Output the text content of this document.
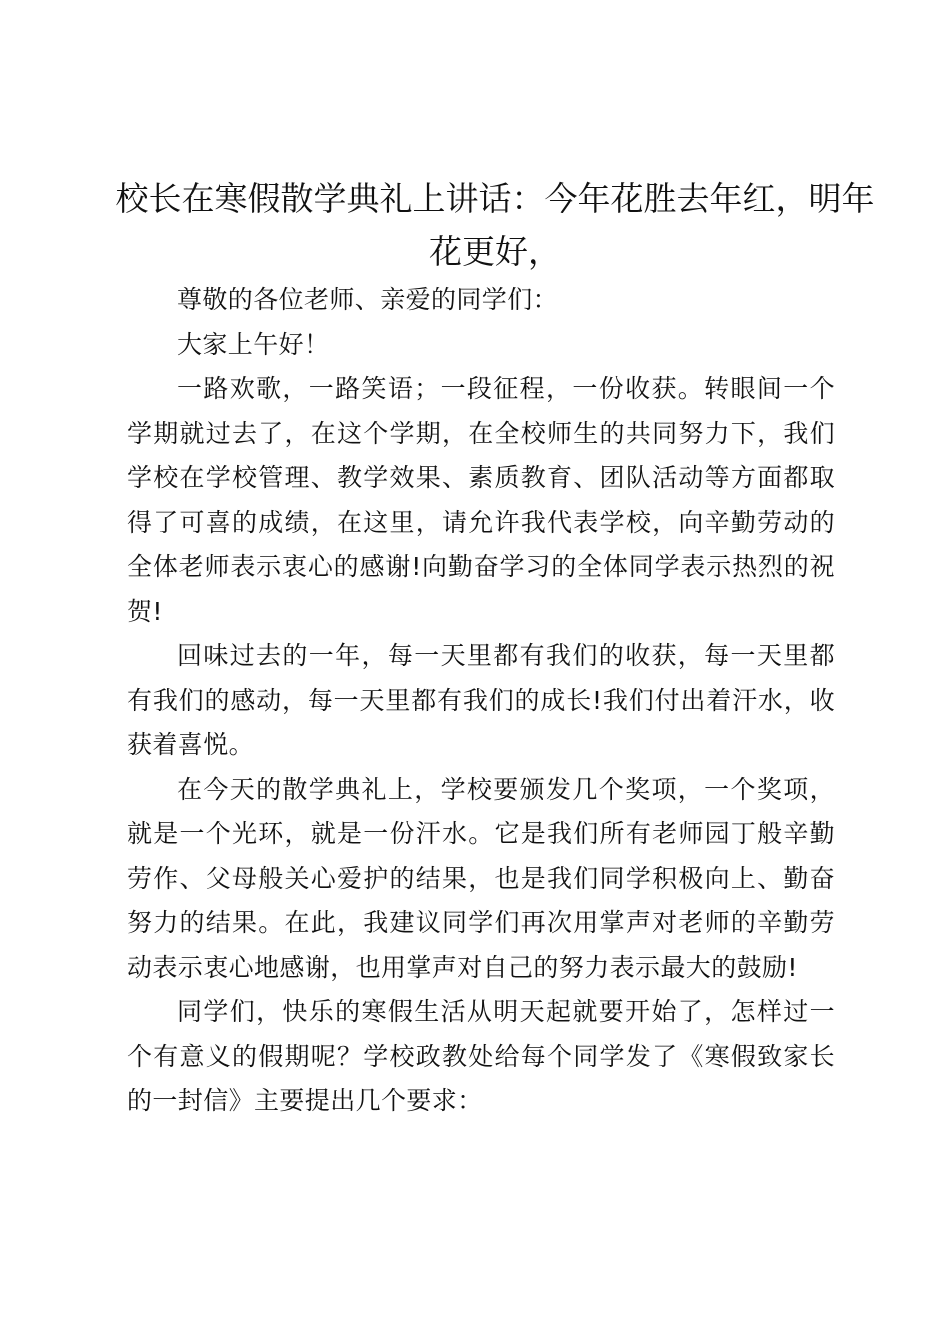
校长在寒假散学典礼上讲话：今年花胜去年红，明年花更好，

尊敬的各位老师、亲爱的同学们：

大家上午好！

一路欢歌，一路笑语；一段征程，一份收获。转眼间一个学期就过去了，在这个学期，在全校师生的共同努力下，我们学校在学校管理、教学效果、素质教育、团队活动等方面都取得了可喜的成绩，在这里，请允许我代表学校，向辛勤劳动的全体老师表示衷心的感谢!向勤奋学习的全体同学表示热烈的祝贺!

回味过去的一年，每一天里都有我们的收获，每一天里都有我们的感动，每一天里都有我们的成长!我们付出着汗水，收获着喜悦。

在今天的散学典礼上，学校要颁发几个奖项，一个奖项，就是一个光环，就是一份汗水。它是我们所有老师园丁般辛勤劳作、父母般关心爱护的结果，也是我们同学积极向上、勤奋努力的结果。在此，我建议同学们再次用掌声对老师的辛勤劳动表示衷心地感谢，也用掌声对自己的努力表示最大的鼓励!

同学们，快乐的寒假生活从明天起就要开始了，怎样过一个有意义的假期呢？学校政教处给每个同学发了《寒假致家长的一封信》主要提出几个要求：
